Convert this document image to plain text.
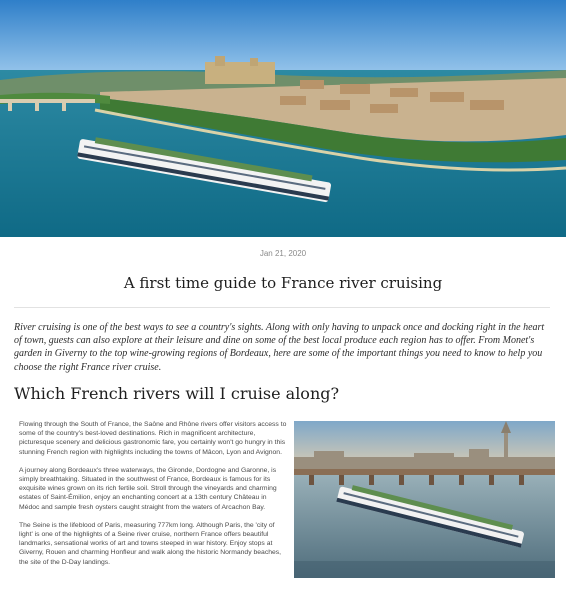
Jan 21, 2020
A first time guide to France river cruising

River cruising is one of the best ways to see a country's sights. Along with only having to unpack once and docking right in the heart of town, guests can also explore at their leisure and dine on some of the best local produce each region has to offer. From Monet's garden in Giverny to the top wine-growing regions of Bordeaux, here are some of the important things you need to know to help you choose the right France river cruise.

Which French rivers will I cruise along?

Flowing through the South of France, the Saône and Rhône rivers offer visitors access to some of the country's best-loved destinations. Rich in magnificent architecture, picturesque scenery and delicious gastronomic fare, you certainly won't go hungry in this stunning French region with highlights including the towns of Mâcon, Lyon and Avignon.

A journey along Bordeaux's three waterways, the Gironde, Dordogne and Garonne, is simply breathtaking. Situated in the southwest of France, Bordeaux is famous for its exquisite wines grown on its rich fertile soil. Stroll through the vineyards and charming estates of Saint-Émilion, enjoy an enchanting concert at a 13th century Château in Médoc and sample fresh oysters caught straight from the waters of Arcachon Bay.

The Seine is the lifeblood of Paris, measuring 777km long. Although Paris, the 'city of light' is one of the highlights of a Seine river cruise, northern France offers beautiful landmarks, sensational works of art and towns steeped in war history. Enjoy stops at Giverny, Rouen and charming Honfleur and walk along the historic Normandy beaches, the site of the D-Day landings.
